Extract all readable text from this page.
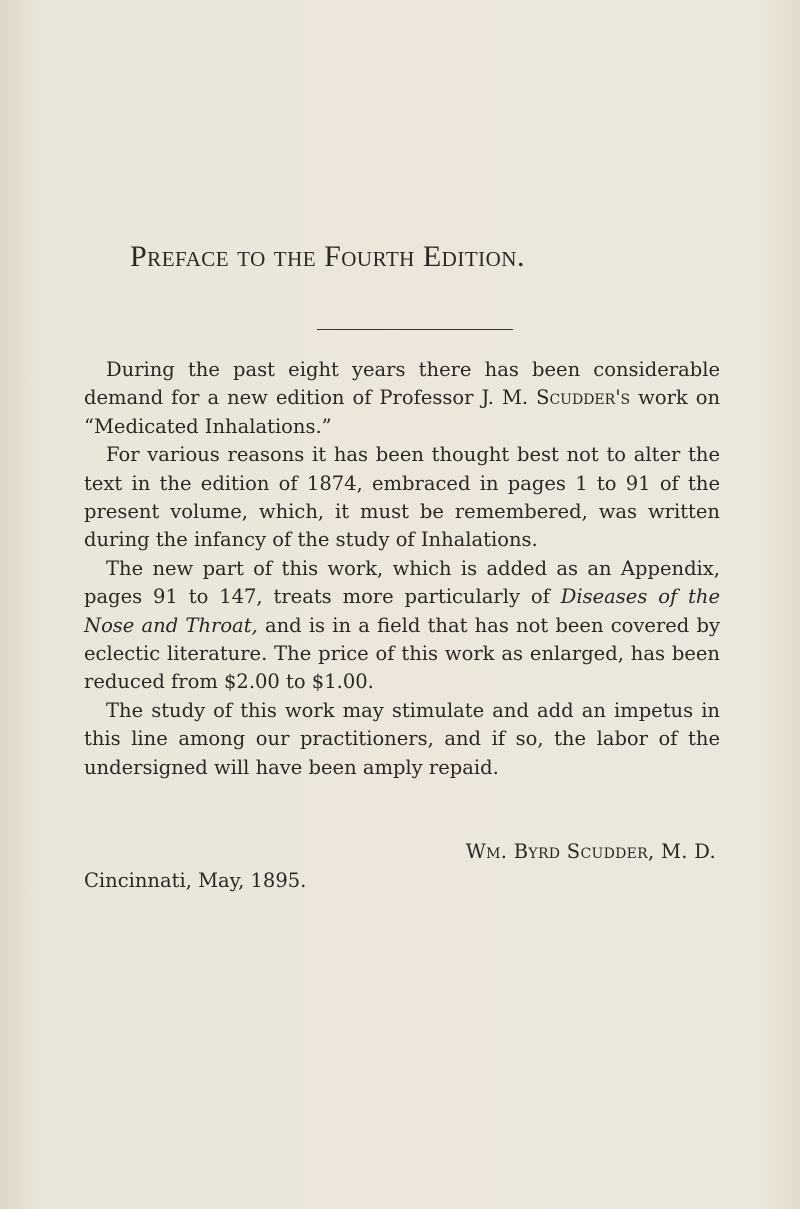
Preface to the Fourth Edition.

During the past eight years there has been considerable demand for a new edition of Professor J. M. Scudder's work on “Medicated Inhalations.”

For various reasons it has been thought best not to alter the text in the edition of 1874, embraced in pages 1 to 91 of the present volume, which, it must be remembered, was written during the infancy of the study of Inhalations.

The new part of this work, which is added as an Appendix, pages 91 to 147, treats more particularly of Diseases of the Nose and Throat, and is in a field that has not been covered by eclectic literature. The price of this work as enlarged, has been reduced from $2.00 to $1.00.

The study of this work may stimulate and add an impetus in this line among our practitioners, and if so, the labor of the undersigned will have been amply repaid.

Wm. Byrd Scudder, M. D.
Cincinnati, May, 1895.
